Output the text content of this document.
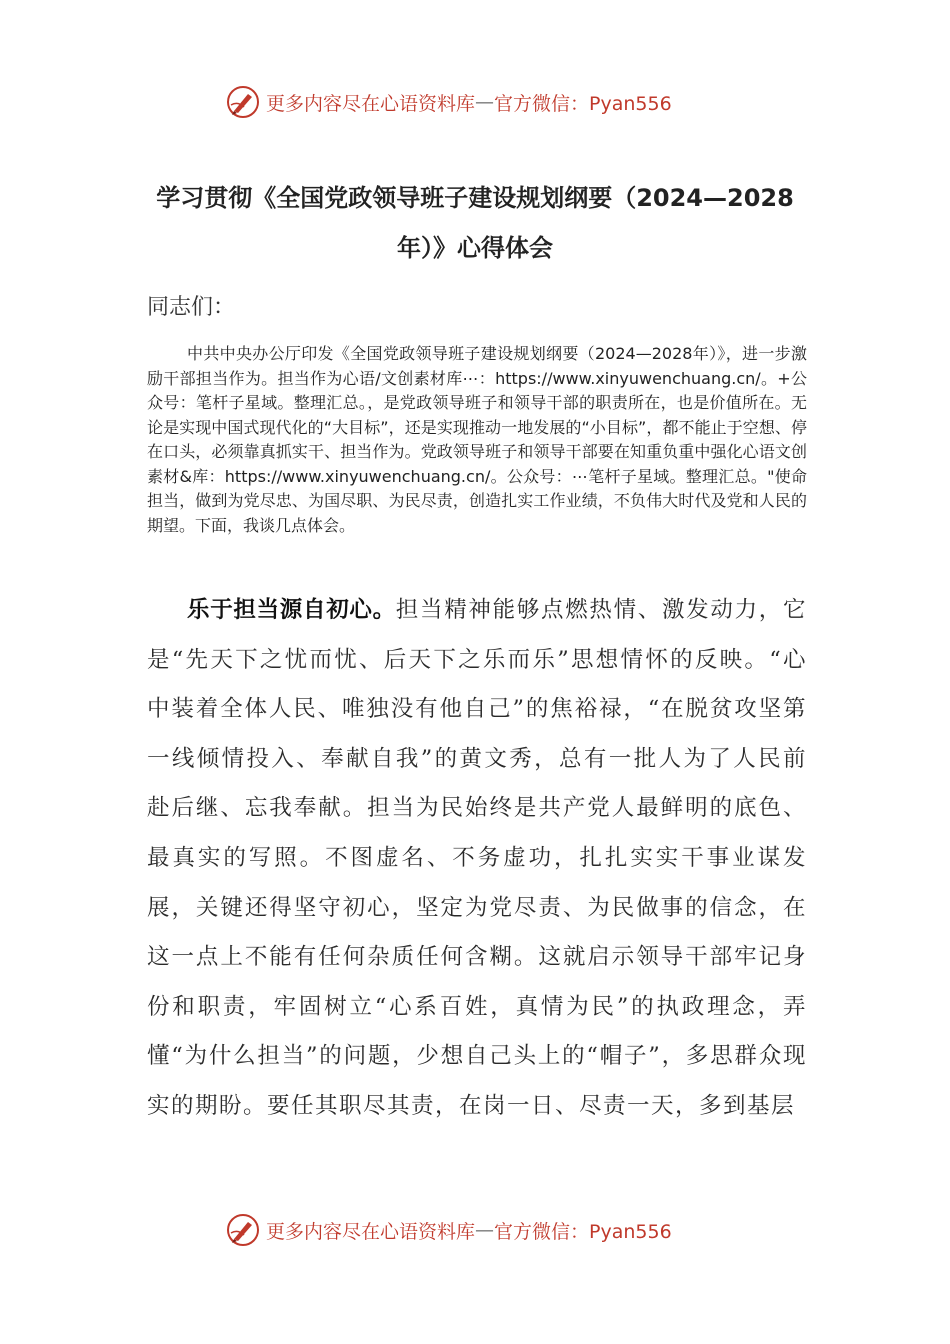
更多内容尽在心语资料库 — 官方微信：Pyan556
学习贯彻《全国党政领导班子建设规划纲要（2024—2028
年）》心得体会
同志们：
中共中央办公厅印发《全国党政领导班子建设规划纲要（2024—2028年）》，进一步激励干部担当作为。担当作为心语/文创素材库⋯：https://www.xinyuwenchuang.cn/。+公众号：笔杆子星域。整理汇总。，是党政领导班子和领导干部的职责所在，也是价值所在。无论是实现中国式现代化的“大目标”，还是实现推动一地发展的“小目标”，都不能止于空想、停在口头，必须靠真抓实干、担当作为。党政领导班子和领导干部要在知重负重中强化心语文创素材&库：https://www.xinyuwenchuang.cn/。公众号：⋯笔杆子星域。整理汇总。"使命担当，做到为党尽忠、为国尽职、为民尽责，创造扎实工作业绩，不负伟大时代及党和人民的期望。下面，我谈几点体会。
乐于担当源自初心。担当精神能够点燃热情、激发动力，它是“先天下之忧而忧、后天下之乐而乐”思想情怀的反映。“心中装着全体人民、唯独没有他自己”的焦裕禄，“在脱贫攻坚第一线倾情投入、奉献自我”的黄文秀，总有一批人为了人民前赴后继、忘我奉献。担当为民始终是共产党人最鲜明的底色、最真实的写照。不图虚名、不务虚功，扎扎实实干事业谋发展，关键还得坚守初心，坚定为党尽责、为民做事的信念，在这一点上不能有任何杂质任何含糊。这就启示领导干部牢记身份和职责，牢固树立“心系百姓，真情为民”的执政理念，弄懂“为什么担当”的问题，少想自己头上的“帽子”，多思群众现实的期盼。要任其职尽其责，在岗一日、尽责一天，多到基层
更多内容尽在心语资料库 — 官方微信：Pyan556
